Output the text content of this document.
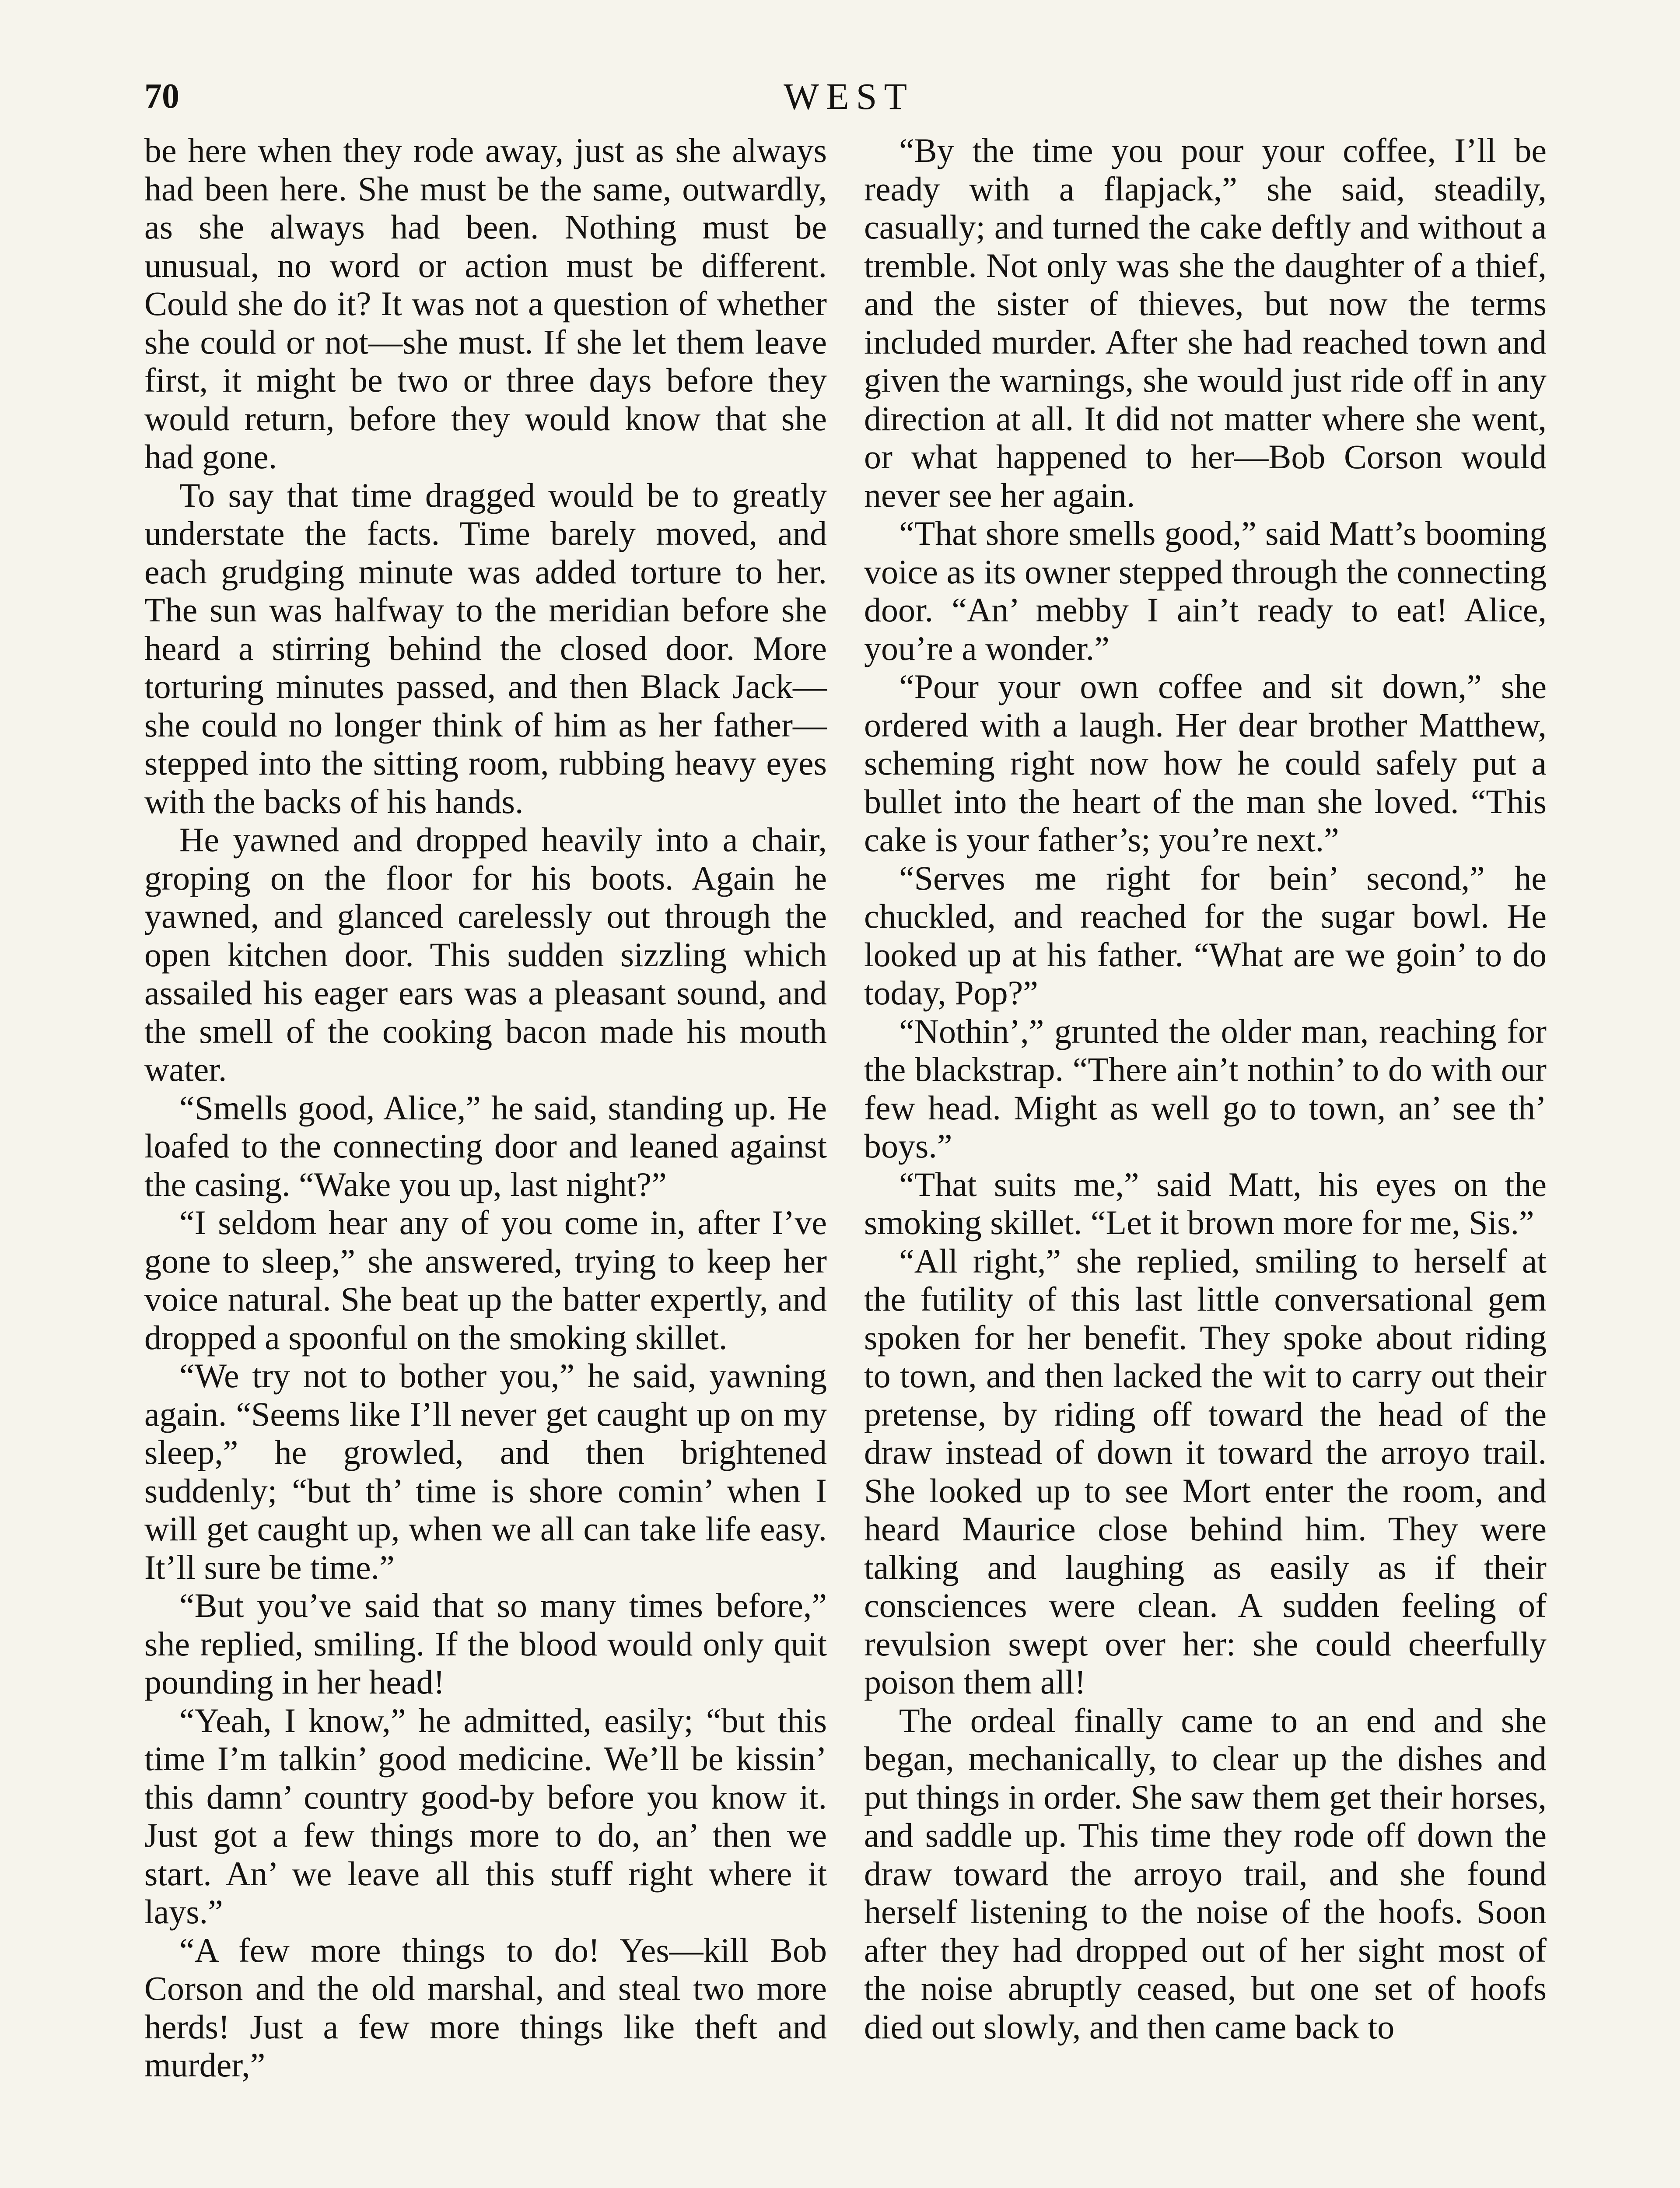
70	WEST

be here when they rode away, just as she always had been here. She must be the same, outwardly, as she always had been. Nothing must be unusual, no word or action must be different. Could she do it? It was not a question of whether she could or not—she must. If she let them leave first, it might be two or three days before they would return, before they would know that she had gone.

To say that time dragged would be to greatly understate the facts. Time barely moved, and each grudging minute was added torture to her. The sun was halfway to the meridian before she heard a stirring behind the closed door. More torturing minutes passed, and then Black Jack—she could no longer think of him as her father—stepped into the sitting room, rubbing heavy eyes with the backs of his hands.

He yawned and dropped heavily into a chair, groping on the floor for his boots. Again he yawned, and glanced carelessly out through the open kitchen door. This sudden sizzling which assailed his eager ears was a pleasant sound, and the smell of the cooking bacon made his mouth water.

“Smells good, Alice,” he said, standing up. He loafed to the connecting door and leaned against the casing. “Wake you up, last night?”

“I seldom hear any of you come in, after I’ve gone to sleep,” she answered, trying to keep her voice natural. She beat up the batter expertly, and dropped a spoonful on the smoking skillet.

“We try not to bother you,” he said, yawning again. “Seems like I’ll never get caught up on my sleep,” he growled, and then brightened suddenly; “but th’ time is shore comin’ when I will get caught up, when we all can take life easy. It’ll sure be time.”

“But you’ve said that so many times before,” she replied, smiling. If the blood would only quit pounding in her head!

“Yeah, I know,” he admitted, easily; “but this time I’m talkin’ good medicine. We’ll be kissin’ this damn’ country good-by before you know it. Just got a few things more to do, an’ then we start. An’ we leave all this stuff right where it lays.”

“A few more things to do! Yes—kill Bob Corson and the old marshal, and steal two more herds! Just a few more things like theft and murder,”

“By the time you pour your coffee, I’ll be ready with a flapjack,” she said, steadily, casually; and turned the cake deftly and without a tremble. Not only was she the daughter of a thief, and the sister of thieves, but now the terms included murder. After she had reached town and given the warnings, she would just ride off in any direction at all. It did not matter where she went, or what happened to her—Bob Corson would never see her again.

“That shore smells good,” said Matt’s booming voice as its owner stepped through the connecting door. “An’ mebby I ain’t ready to eat! Alice, you’re a wonder.”

“Pour your own coffee and sit down,” she ordered with a laugh. Her dear brother Matthew, scheming right now how he could safely put a bullet into the heart of the man she loved. “This cake is your father’s; you’re next.”

“Serves me right for bein’ second,” he chuckled, and reached for the sugar bowl. He looked up at his father. “What are we goin’ to do today, Pop?”

“Nothin’,” grunted the older man, reaching for the blackstrap. “There ain’t nothin’ to do with our few head. Might as well go to town, an’ see th’ boys.”

“That suits me,” said Matt, his eyes on the smoking skillet. “Let it brown more for me, Sis.”

“All right,” she replied, smiling to herself at the futility of this last little conversational gem spoken for her benefit. They spoke about riding to town, and then lacked the wit to carry out their pretense, by riding off toward the head of the draw instead of down it toward the arroyo trail. She looked up to see Mort enter the room, and heard Maurice close behind him. They were talking and laughing as easily as if their consciences were clean. A sudden feeling of revulsion swept over her: she could cheerfully poison them all!

The ordeal finally came to an end and she began, mechanically, to clear up the dishes and put things in order. She saw them get their horses, and saddle up. This time they rode off down the draw toward the arroyo trail, and she found herself listening to the noise of the hoofs. Soon after they had dropped out of her sight most of the noise abruptly ceased, but one set of hoofs died out slowly, and then came back to
